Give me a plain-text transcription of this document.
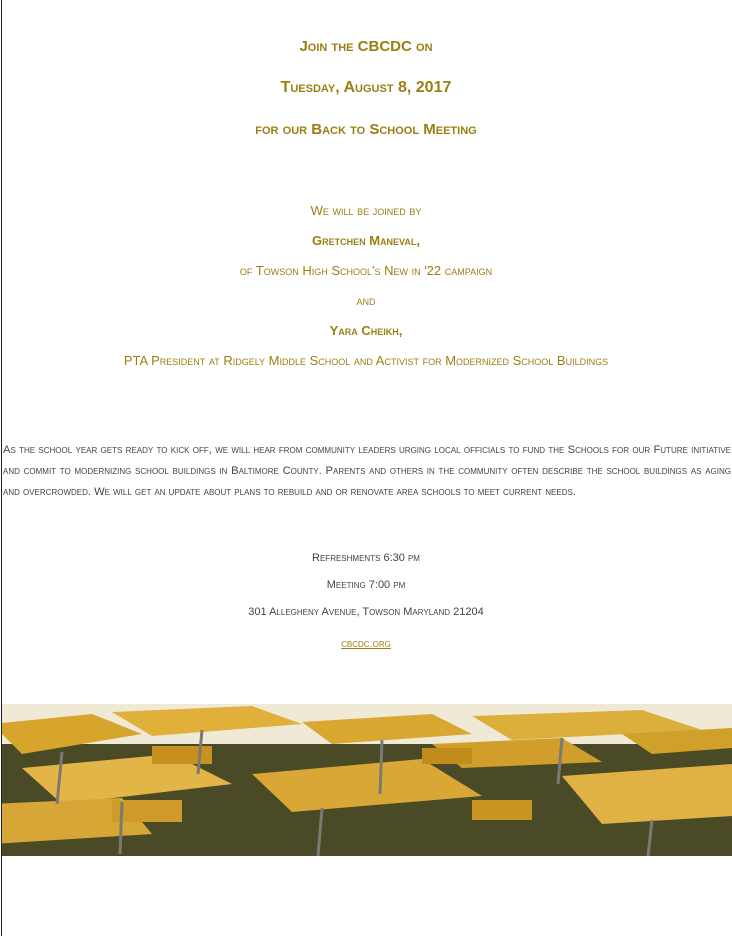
Join the CBCDC on
Tuesday, August 8, 2017
for our Back to School Meeting
We will be joined by
Gretchen Maneval,
of Towson High School's New in '22 campaign
and
Yara Cheikh,
PTA President at Ridgely Middle School and Activist for Modernized School Buildings
As the school year gets ready to kick off, we will hear from community leaders urging local officials to fund the Schools for our Future initiative and commit to modernizing school buildings in Baltimore County. Parents and others in the community often describe the school buildings as aging and overcrowded. We will get an update about plans to rebuild and or renovate area schools to meet current needs.
Refreshments 6:30 pm
Meeting 7:00 pm
301 Allegheny Avenue, Towson Maryland 21204
cbcdc.org
